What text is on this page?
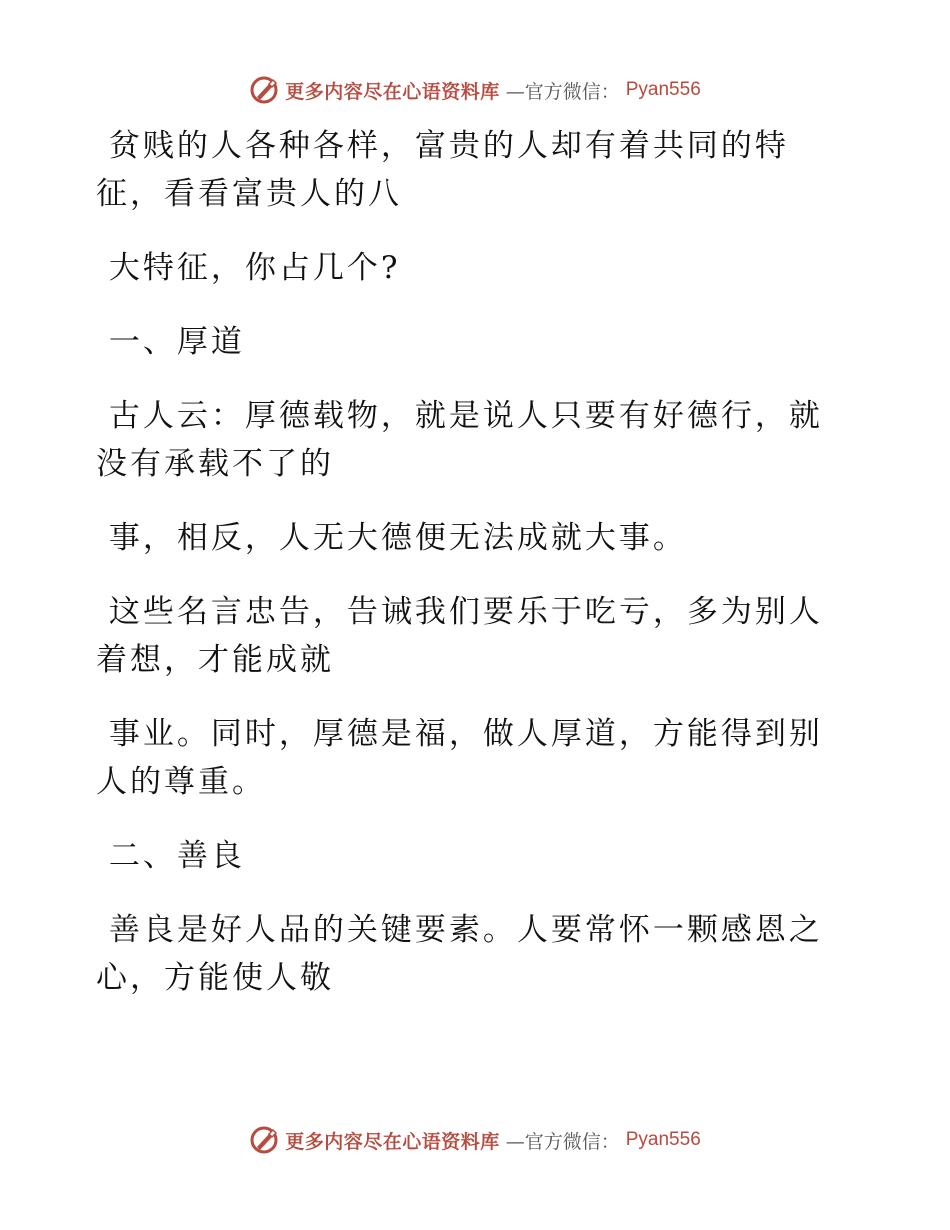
更多内容尽在心语资料库 —官方微信： Pyan556

贫贱的人各种各样，富贵的人却有着共同的特
征，看看富贵人的八

大特征，你占几个?

一、厚道

古人云：厚德载物，就是说人只要有好德行，就
没有承载不了的

事，相反，人无大德便无法成就大事。

这些名言忠告，告诫我们要乐于吃亏，多为别人
着想，才能成就

事业。同时，厚德是福，做人厚道，方能得到别
人的尊重。

二、善良

善良是好人品的关键要素。人要常怀一颗感恩之
心，方能使人敬

更多内容尽在心语资料库 —官方微信： Pyan556
